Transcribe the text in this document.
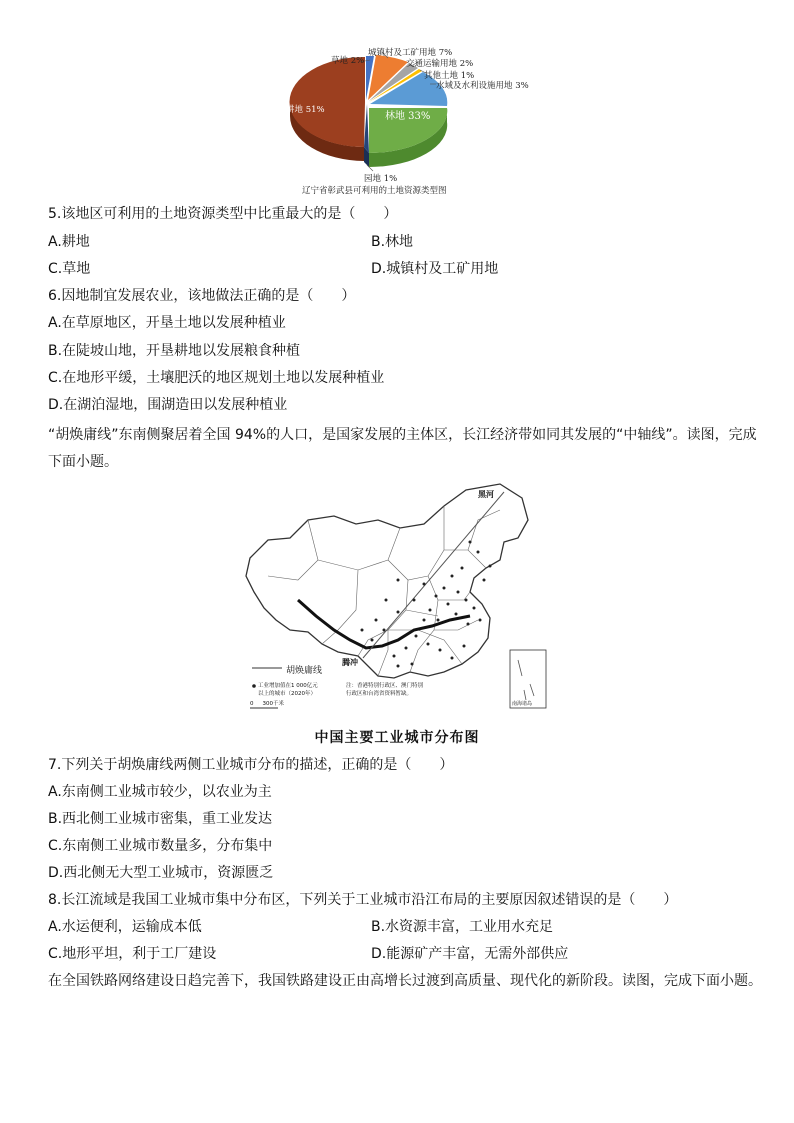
草地 2%
城镇村及工矿用地 7%
交通运输用地 2%
其他土地 1%
水域及水利设施用地 3%
耕地 51%
林地 33%
园地 1%
辽宁省彰武县可利用的土地资源类型图
5.该地区可利用的土地资源类型中比重最大的是（　　）
A.耕地	B.林地
C.草地	D.城镇村及工矿用地
6.因地制宜发展农业，该地做法正确的是（　　）
A.在草原地区，开垦土地以发展种植业
B.在陡坡山地，开垦耕地以发展粮食种植
C.在地形平缓，土壤肥沃的地区规划土地以发展种植业
D.在湖泊湿地，围湖造田以发展种植业
“胡焕庸线”东南侧聚居着全国 94%的人口，是国家发展的主体区，长江经济带如同其发展的“中轴线”。读图，完成下面小题。
黑河
腾冲
胡焕庸线
工业增加值在1 000亿元
以上的城市（2020年）
0 　 300千米
注：香港特别行政区、澳门特别
行政区和台湾省资料暂缺。
南海诸岛
中国主要工业城市分布图
7.下列关于胡焕庸线两侧工业城市分布的描述，正确的是（　　）
A.东南侧工业城市较少，以农业为主
B.西北侧工业城市密集，重工业发达
C.东南侧工业城市数量多，分布集中
D.西北侧无大型工业城市，资源匮乏
8.长江流域是我国工业城市集中分布区，下列关于工业城市沿江布局的主要原因叙述错误的是（　　）
A.水运便利，运输成本低	B.水资源丰富，工业用水充足
C.地形平坦，利于工厂建设	D.能源矿产丰富，无需外部供应
在全国铁路网络建设日趋完善下，我国铁路建设正由高增长过渡到高质量、现代化的新阶段。读图，完成下面小题。
